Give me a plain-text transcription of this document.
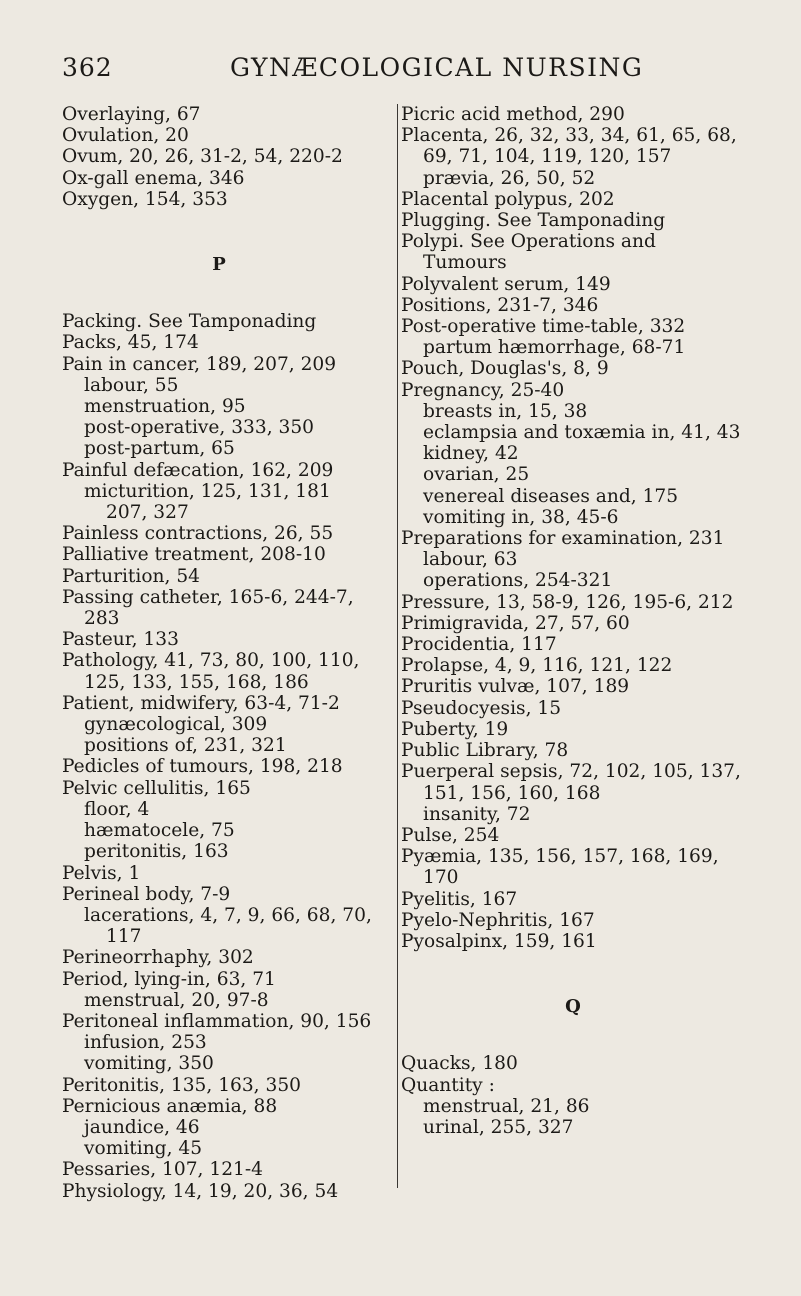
362	GYNÆCOLOGICAL NURSING
Overlaying, 67
Ovulation, 20
Ovum, 20, 26, 31-2, 54, 220-2
Ox-gall enema, 346
Oxygen, 154, 353
P
Packing. See Tamponading
Packs, 45, 174
Pain in cancer, 189, 207, 209
labour, 55
menstruation, 95
post-operative, 333, 350
post-partum, 65
Painful defæcation, 162, 209
micturition, 125, 131, 181 207, 327
Painless contractions, 26, 55
Palliative treatment, 208-10
Parturition, 54
Passing catheter, 165-6, 244-7, 283
Pasteur, 133
Pathology, 41, 73, 80, 100, 110, 125, 133, 155, 168, 186
Patient, midwifery, 63-4, 71-2
gynæcological, 309
positions of, 231, 321
Pedicles of tumours, 198, 218
Pelvic cellulitis, 165
floor, 4
hæmatocele, 75
peritonitis, 163
Pelvis, 1
Perineal body, 7-9
lacerations, 4, 7, 9, 66, 68, 70, 117
Perineorrhaphy, 302
Period, lying-in, 63, 71
menstrual, 20, 97-8
Peritoneal inflammation, 90, 156
infusion, 253
vomiting, 350
Peritonitis, 135, 163, 350
Pernicious anæmia, 88
jaundice, 46
vomiting, 45
Pessaries, 107, 121-4
Physiology, 14, 19, 20, 36, 54
Picric acid method, 290
Placenta, 26, 32, 33, 34, 61, 65, 68, 69, 71, 104, 119, 120, 157
prævia, 26, 50, 52
Placental polypus, 202
Plugging. See Tamponading
Polypi. See Operations and Tumours
Polyvalent serum, 149
Positions, 231-7, 346
Post-operative time-table, 332
partum hæmorrhage, 68-71
Pouch, Douglas's, 8, 9
Pregnancy, 25-40
breasts in, 15, 38
eclampsia and toxæmia in, 41, 43
kidney, 42
ovarian, 25
venereal diseases and, 175
vomiting in, 38, 45-6
Preparations for examination, 231
labour, 63
operations, 254-321
Pressure, 13, 58-9, 126, 195-6, 212
Primigravida, 27, 57, 60
Procidentia, 117
Prolapse, 4, 9, 116, 121, 122
Pruritis vulvæ, 107, 189
Pseudocyesis, 15
Puberty, 19
Public Library, 78
Puerperal sepsis, 72, 102, 105, 137, 151, 156, 160, 168
insanity, 72
Pulse, 254
Pyæmia, 135, 156, 157, 168, 169, 170
Pyelitis, 167
Pyelo-Nephritis, 167
Pyosalpinx, 159, 161
Q
Quacks, 180
Quantity :
menstrual, 21, 86
urinal, 255, 327
